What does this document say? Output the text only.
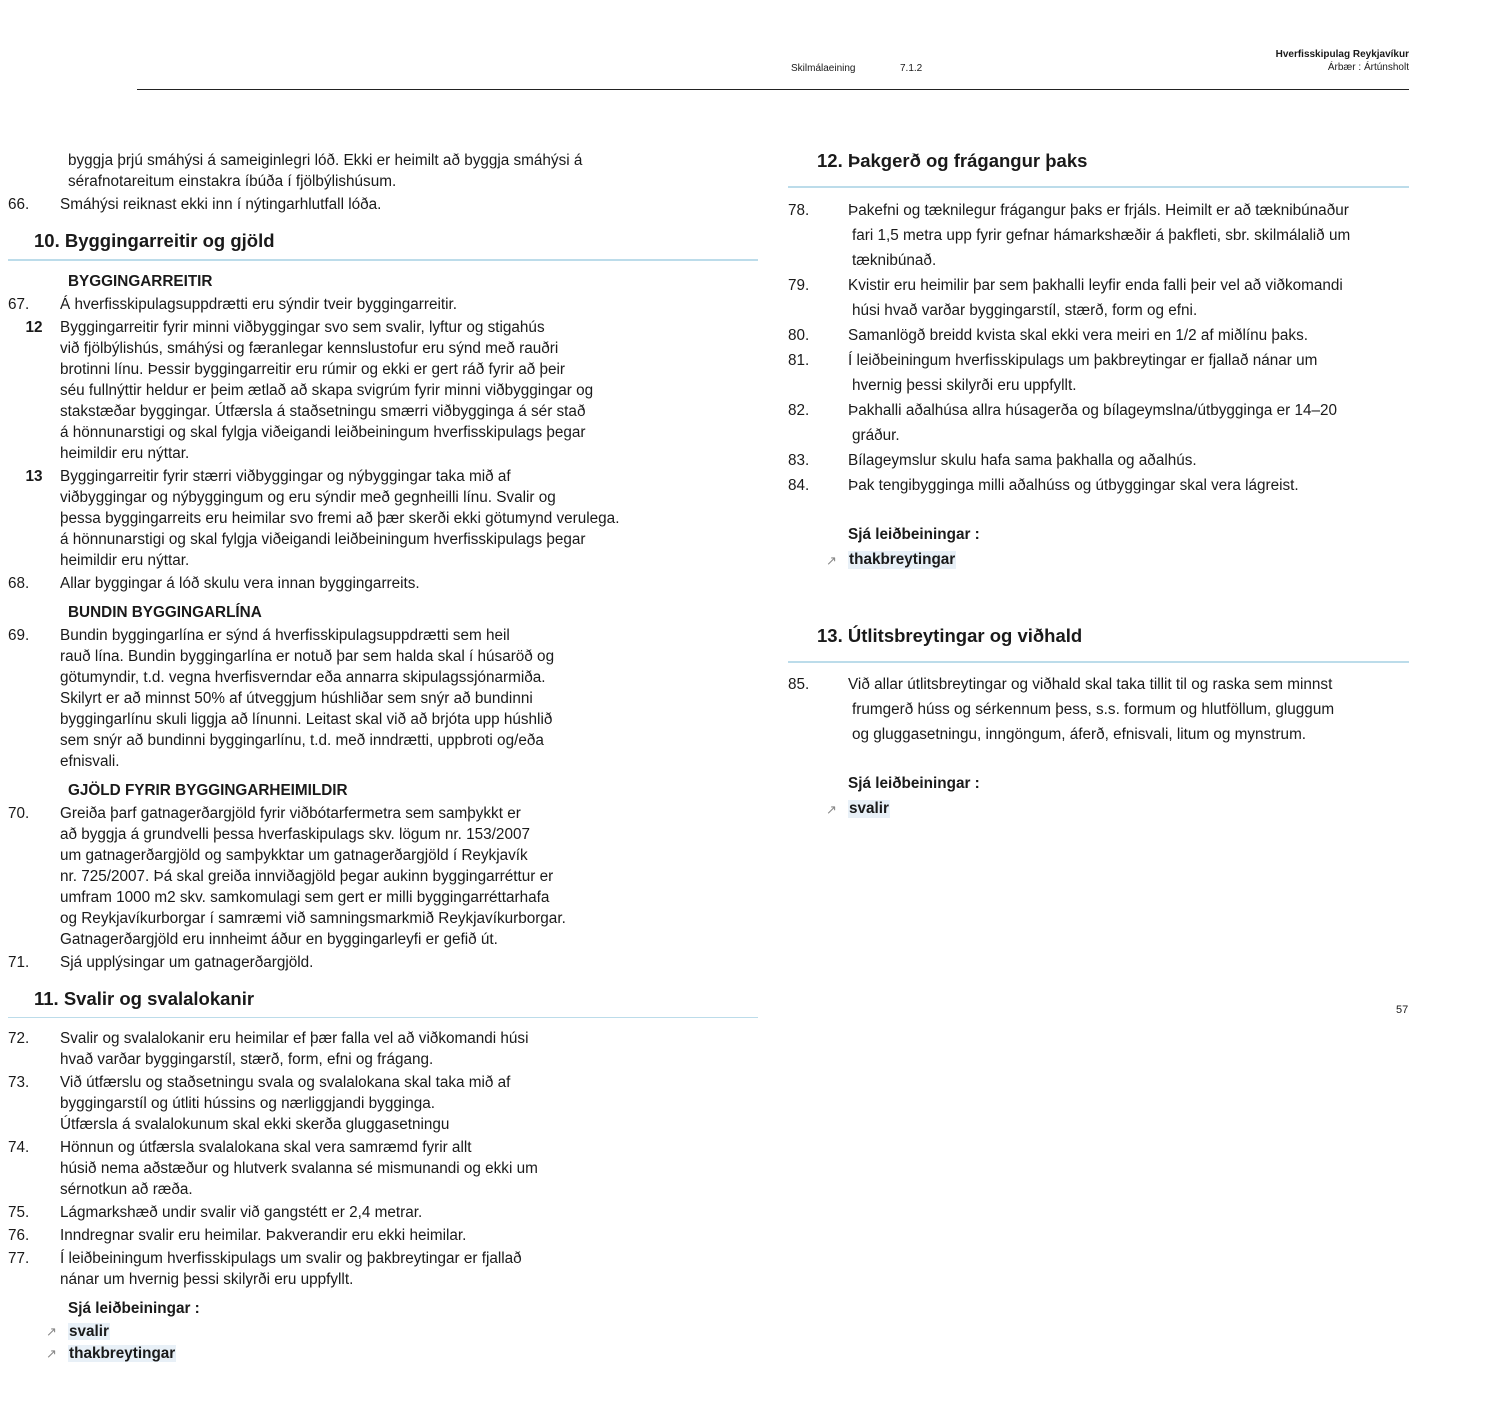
Skilmálaeining	7.1.2
Hverfisskipulag Reykjavíkur
Árbær : Ártúnsholt
byggja þrjú smáhýsi á sameiginlegri lóð. Ekki er heimilt að byggja smáhýsi á
sérafnotareitum einstakra íbúða í fjölbýlishúsum.
66.	Smáhýsi reiknast ekki inn í nýtingarhlutfall lóða.
10. Byggingarreitir og gjöld
BYGGINGARREITIR
67.	Á hverfisskipulagsuppdrætti eru sýndir tveir byggingarreitir.
12	Byggingarreitir fyrir minni viðbyggingar svo sem svalir, lyftur og stigahús
við fjölbýlishús, smáhýsi og færanlegar kennslustofur eru sýnd með rauðri
brotinni línu. Þessir byggingarreitir eru rúmir og ekki er gert ráð fyrir að þeir
séu fullnýttir heldur er þeim ætlað að skapa svigrúm fyrir minni viðbyggingar og
stakstæðar byggingar. Útfærsla á staðsetningu smærri viðbygginga á sér stað
á hönnunarstigi og skal fylgja viðeigandi leiðbeiningum hverfisskipulags þegar
heimildir eru nýttar.
13	Byggingarreitir fyrir stærri viðbyggingar og nýbyggingar taka mið af
viðbyggingar og nýbyggingum og eru sýndir með gegnheilli línu. Svalir og
þessa byggingarreits eru heimilar svo fremi að þær skerði ekki götumynd verulega.
á hönnunarstigi og skal fylgja viðeigandi leiðbeiningum hverfisskipulags þegar
heimildir eru nýttar.
68.	Allar byggingar á lóð skulu vera innan byggingarreits.
BUNDIN BYGGINGARLÍNA
69.	Bundin byggingarlína er sýnd á hverfisskipulagsuppdrætti sem heil
rauð lína. Bundin byggingarlína er notuð þar sem halda skal í húsaröð og
götumyndir, t.d. vegna hverfisverndar eða annarra skipulagssjónarmiða.
Skilyrt er að minnst 50% af útveggjum húshliðar sem snýr að bundinni
byggingarlínu skuli liggja að línunni. Leitast skal við að brjóta upp húshlið
sem snýr að bundinni byggingarlínu, t.d. með inndrætti, uppbroti og/eða
efnisvali.
GJÖLD FYRIR BYGGINGARHEIMILDIR
70.	Greiða þarf gatnagerðargjöld fyrir viðbótarfermetra sem samþykkt er
að byggja á grundvelli þessa hverfaskipulags skv. lögum nr. 153/2007
um gatnagerðargjöld og samþykktar um gatnagerðargjöld í Reykjavík
nr. 725/2007. Þá skal greiða innviðagjöld þegar aukinn byggingarréttur er
umfram 1000 m2 skv. samkomulagi sem gert er milli byggingarréttarhafa
og Reykjavíkurborgar í samræmi við samningsmarkmið Reykjavíkurborgar.
Gatnagerðargjöld eru innheimt áður en byggingarleyfi er gefið út.
71.	Sjá upplýsingar um gatnagerðargjöld.
11. Svalir og svalalokanir
72.	Svalir og svalalokanir eru heimilar ef þær falla vel að viðkomandi húsi
hvað varðar byggingarstíl, stærð, form, efni og frágang.
73.	Við útfærslu og staðsetningu svala og svalalokana skal taka mið af
byggingarstíl og útliti hússins og nærliggjandi bygginga.
Útfærsla á svalalokunum skal ekki skerða gluggasetningu
74.	Hönnun og útfærsla svalalokana skal vera samræmd fyrir allt
húsið nema aðstæður og hlutverk svalanna sé mismunandi og ekki um
sérnotkun að ræða.
75.	Lágmarkshæð undir svalir við gangstétt er 2,4 metrar.
76.	Inndregnar svalir eru heimilar. Þakverandir eru ekki heimilar.
77.	Í leiðbeiningum hverfisskipulags um svalir og þakbreytingar er fjallað
nánar um hvernig þessi skilyrði eru uppfyllt.
Sjá leiðbeiningar :
↗ svalir
↗ thakbreytingar
12. Þakgerð og frágangur þaks
78.	Þakefni og tæknilegur frágangur þaks er frjáls. Heimilt er að tæknibúnaður
fari 1,5 metra upp fyrir gefnar hámarkshæðir á þakfleti, sbr. skilmálalið um
tæknibúnað.
79.	Kvistir eru heimilir þar sem þakhalli leyfir enda falli þeir vel að viðkomandi
húsi hvað varðar byggingarstíl, stærð, form og efni.
80.	Samanlögð breidd kvista skal ekki vera meiri en 1/2 af miðlínu þaks.
81.	Í leiðbeiningum hverfisskipulags um þakbreytingar er fjallað nánar um
hvernig þessi skilyrði eru uppfyllt.
82.	Þakhalli aðalhúsa allra húsagerða og bílageymslna/útbygginga er 14–20
gráður.
83.	Bílageymslur skulu hafa sama þakhalla og aðalhús.
84.	Þak tengibygginga milli aðalhúss og útbyggingar skal vera lágreist.
Sjá leiðbeiningar :
↗ thakbreytingar
13. Útlitsbreytingar og viðhald
85.	Við allar útlitsbreytingar og viðhald skal taka tillit til og raska sem minnst
frumgerð húss og sérkennum þess, s.s. formum og hlutföllum, gluggum
og gluggasetningu, inngöngum, áferð, efnisvali, litum og mynstrum.
Sjá leiðbeiningar :
↗ svalir
57
